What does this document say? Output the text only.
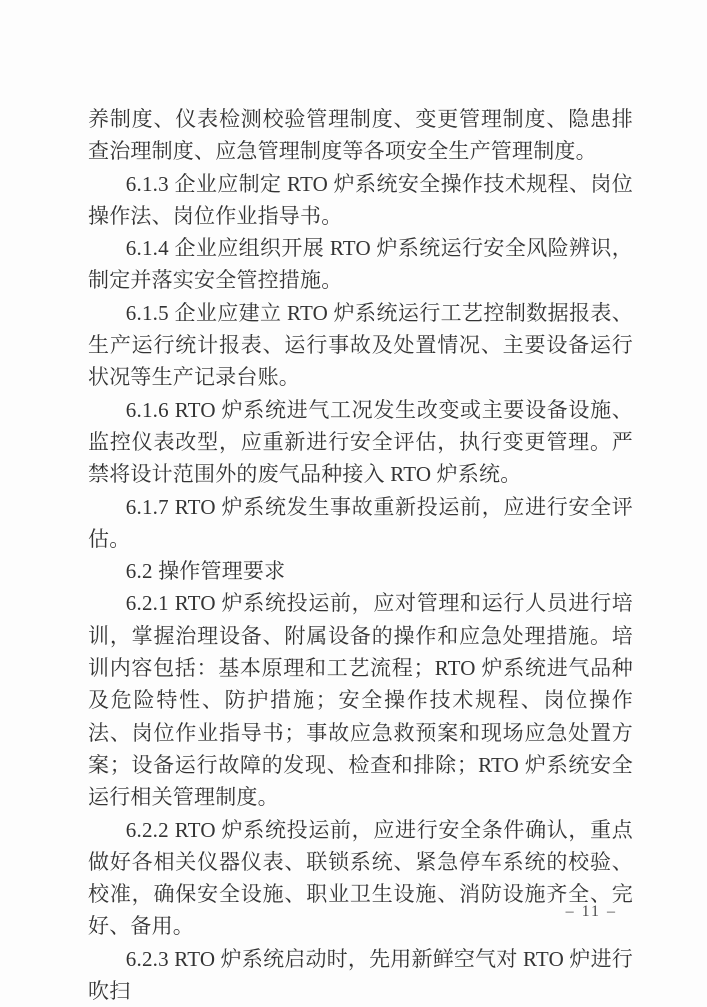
养制度、仪表检测校验管理制度、变更管理制度、隐患排查治理制度、应急管理制度等各项安全生产管理制度。

6.1.3 企业应制定 RTO 炉系统安全操作技术规程、岗位操作法、岗位作业指导书。

6.1.4 企业应组织开展 RTO 炉系统运行安全风险辨识，制定并落实安全管控措施。

6.1.5 企业应建立 RTO 炉系统运行工艺控制数据报表、生产运行统计报表、运行事故及处置情况、主要设备运行状况等生产记录台账。

6.1.6 RTO 炉系统进气工况发生改变或主要设备设施、监控仪表改型，应重新进行安全评估，执行变更管理。严禁将设计范围外的废气品种接入 RTO 炉系统。

6.1.7 RTO 炉系统发生事故重新投运前，应进行安全评估。

6.2 操作管理要求

6.2.1 RTO 炉系统投运前，应对管理和运行人员进行培训，掌握治理设备、附属设备的操作和应急处理措施。培训内容包括：基本原理和工艺流程；RTO 炉系统进气品种及危险特性、防护措施；安全操作技术规程、岗位操作法、岗位作业指导书；事故应急救预案和现场应急处置方案；设备运行故障的发现、检查和排除；RTO 炉系统安全运行相关管理制度。

6.2.2 RTO 炉系统投运前，应进行安全条件确认，重点做好各相关仪器仪表、联锁系统、紧急停车系统的校验、校准，确保安全设施、职业卫生设施、消防设施齐全、完好、备用。

6.2.3 RTO 炉系统启动时，先用新鲜空气对 RTO 炉进行吹扫

– 11 –
